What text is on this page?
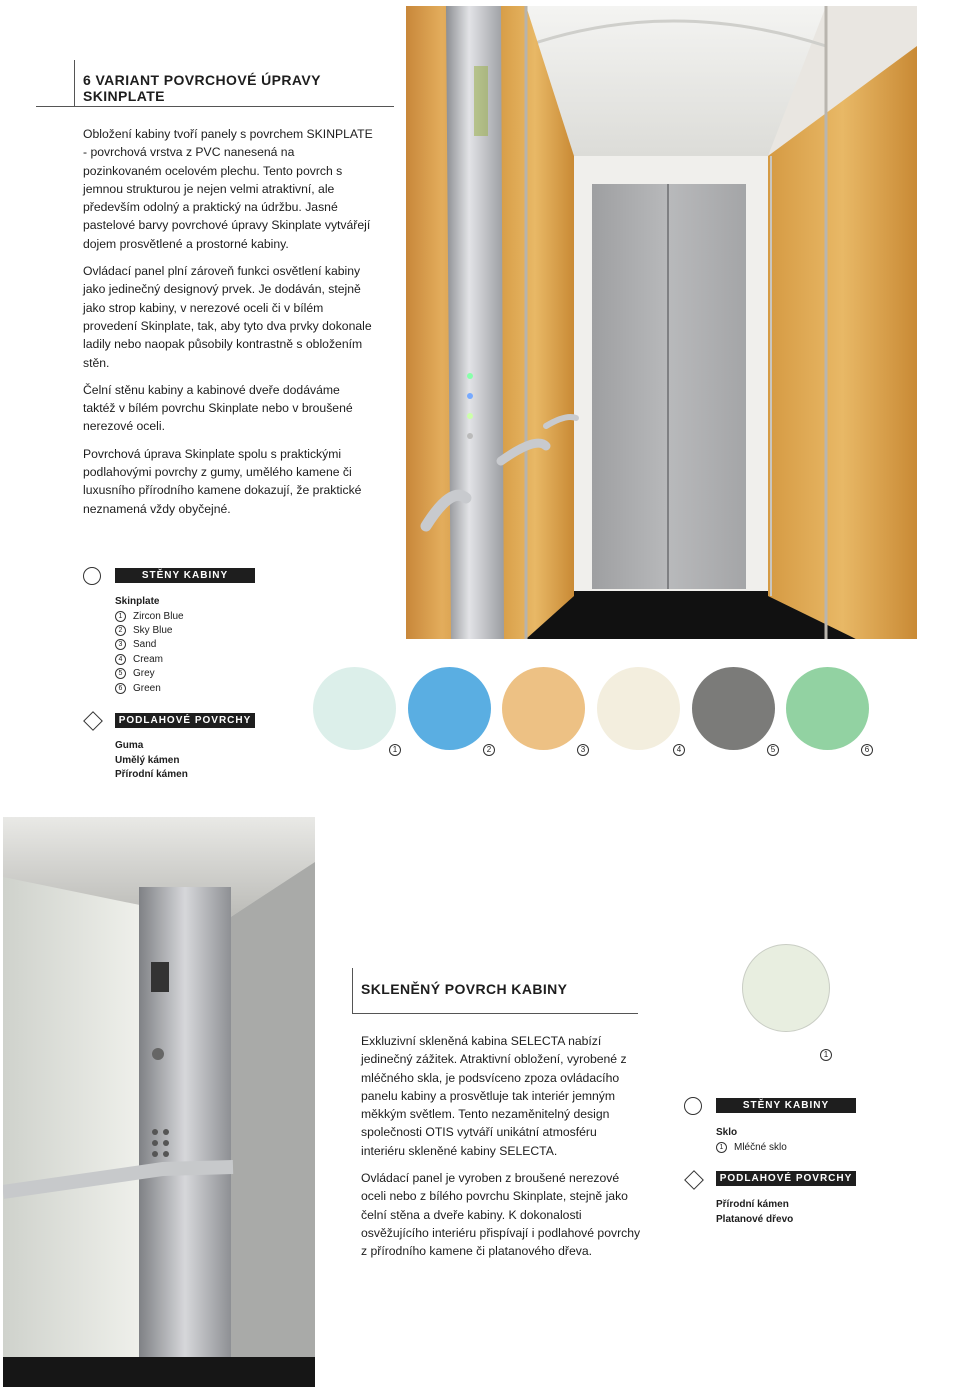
6 VARIANT POVRCHOVÉ ÚPRAVY SKINPLATE

Obložení kabiny tvoří panely s povrchem SKINPLATE - povrchová vrstva z PVC nanesená na pozinkovaném ocelovém plechu. Tento povrch s jemnou strukturou je nejen velmi atraktivní, ale především odolný a praktický na údržbu. Jasné pastelové barvy povrchové úpravy Skinplate vytvářejí dojem prosvětlené a prostorné kabiny.

Ovládací panel plní zároveň funkci osvětlení kabiny jako jedinečný designový prvek. Je dodáván, stejně jako strop kabiny, v nerezové oceli či v bílém provedení Skinplate, tak, aby tyto dva prvky dokonale ladily nebo naopak působily kontrastně s obložením stěn.

Čelní stěnu kabiny a kabinové dveře dodáváme taktéž v bílém povrchu Skinplate nebo v broušené nerezové oceli.

Povrchová úprava Skinplate spolu s praktickými podlahovými povrchy z gumy, umělého kamene či luxusního přírodního kamene dokazují, že praktické neznamená vždy obyčejné.

STĚNY KABINY
Skinplate
1 Zircon Blue
2 Sky Blue
3 Sand
4 Cream
5 Grey
6 Green
PODLAHOVÉ POVRCHY
Guma
Umělý kámen
Přírodní kámen
1	2	3	4	5	6
SKLENĚNÝ POVRCH KABINY

Exkluzivní skleněná kabina SELECTA nabízí jedinečný zážitek. Atraktivní obložení, vyrobené z mléčného skla, je podsvíceno zpoza ovládacího panelu kabiny a prosvětluje tak interiér jemným měkkým světlem. Tento nezaměnitelný design společnosti OTIS vytváří unikátní atmosféru interiéru skleněné kabiny SELECTA.

Ovládací panel je vyroben z broušené nerezové oceli nebo z bílého povrchu Skinplate, stejně jako čelní stěna a dveře kabiny. K dokonalosti osvěžujícího interiéru přispívají i podlahové povrchy z přírodního kamene či platanového dřeva.

1
STĚNY KABINY
Sklo
1 Mléčné sklo
PODLAHOVÉ POVRCHY
Přírodní kámen
Platanové dřevo
